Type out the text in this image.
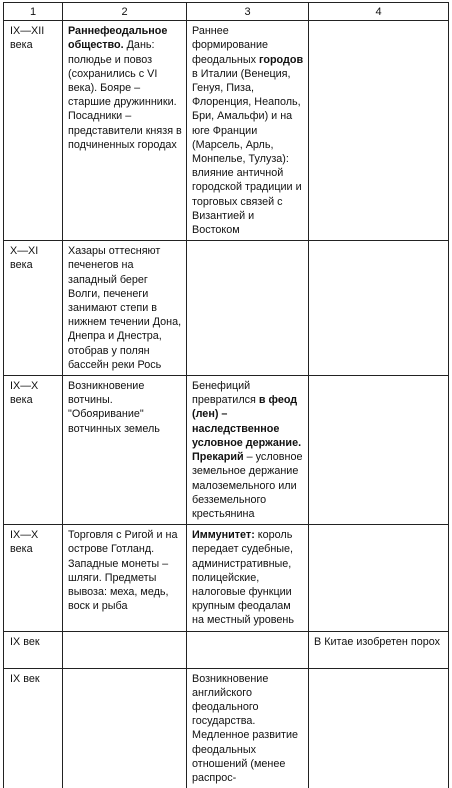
1	2	3	4
IX—XII века	Раннефеодальное общество. Дань: полюдье и повоз (сохранились с VI века). Бояре – старшие дружинники. Посадники – представители князя в подчиненных городах	Раннее формирование феодальных городов в Италии (Венеция, Генуя, Пиза, Флоренция, Неаполь, Бри, Амальфи) и на юге Франции (Марсель, Арль, Монпелье, Тулуза): влияние античной городской традиции и торговых связей с Византией и Востоком	
X—XI века	Хазары оттесняют печенегов на западный берег Волги, печенеги занимают степи в нижнем течении Дона, Днепра и Днестра, отобрав у полян бассейн реки Рось		
IX—X века	Возникновение вотчины. "Обояривание" вотчинных земель	Бенефиций превратился в феод (лен) – наследственное условное держание. Прекарий – условное земельное держание малоземельного или безземельного крестьянина	
IX—X века	Торговля с Ригой и на острове Готланд. Западные монеты – шляги. Предметы вывоза: меха, медь, воск и рыба	Иммунитет: король передает судебные, административные, полицейские, налоговые функции крупным феодалам на местный уровень	
IX век			В Китае изобретен порох
IX век		Возникновение английского феодального государства. Медленное развитие феодальных отношений (менее распрос-	
